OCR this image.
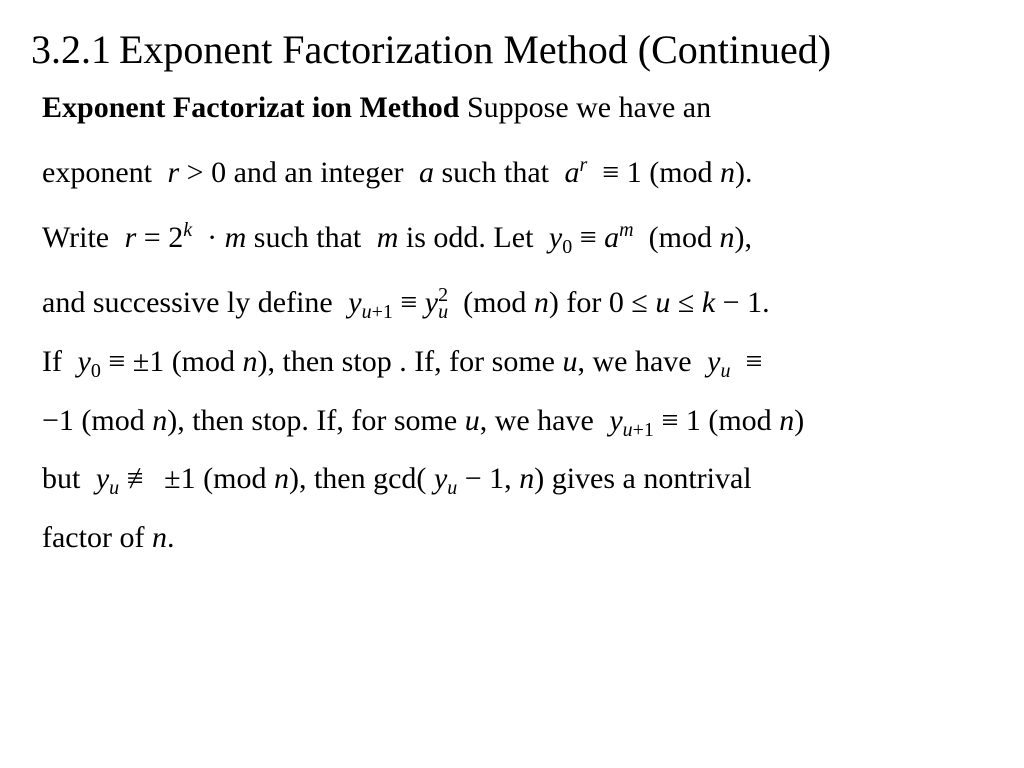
3.2.1 Exponent Factorization Method (Continued)
Exponent Factorizat ion Method Suppose we have an
exponent r > 0 and an integer a such that $a^r \equiv 1$ (mod n).
Write $r = 2^k \cdot m$ such that m is odd. Let $y_0 \equiv a^m$  (mod n),
and successive ly define $y_{u+1} \equiv y_u^2$  (mod n) for 0 ≤ u ≤ k − 1.
If $y_0 \equiv \pm 1$ (mod n), then stop . If, for some u, we have $y_u$  ≡
−1 (mod n), then stop. If, for some u, we have $y_{u+1} \equiv 1$ (mod n)
but $y_u$ ≢ ±1 (mod n), then gcd( $y_u - 1$, n) gives a nontrival
factor of n.
